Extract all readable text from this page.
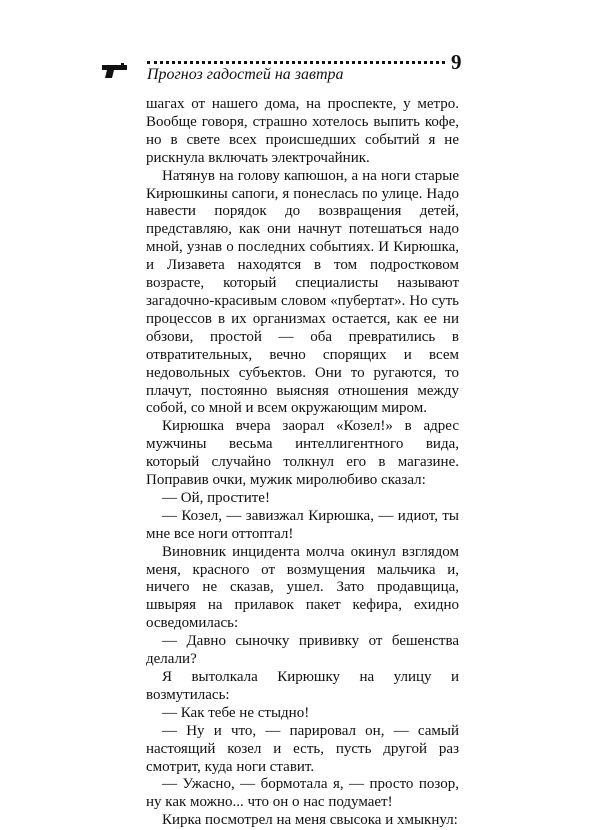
Прогноз гадостей на завтра

9

шагах от нашего дома, на проспекте, у метро. Вообще говоря, страшно хотелось выпить кофе, но в свете всех происшедших событий я не рискнула включать электрочайник.

Натянув на голову капюшон, а на ноги старые Кирюшкины сапоги, я понеслась по улице. Надо навести порядок до возвращения детей, представляю, как они начнут потешаться надо мной, узнав о последних событиях. И Кирюшка, и Лизавета находятся в том подростковом возрасте, который специалисты называют загадочно-красивым словом «пубертат». Но суть процессов в их организмах остается, как ее ни обзови, простой — оба превратились в отвратительных, вечно спорящих и всем недовольных субъектов. Они то ругаются, то плачут, постоянно выясняя отношения между собой, со мной и всем окружающим миром.

Кирюшка вчера заорал «Козел!» в адрес мужчины весьма интеллигентного вида, который случайно толкнул его в магазине. Поправив очки, мужик миролюбиво сказал:

— Ой, простите!

— Козел, — завизжал Кирюшка, — идиот, ты мне все ноги оттоптал!

Виновник инцидента молча окинул взглядом меня, красного от возмущения мальчика и, ничего не сказав, ушел. Зато продавщица, швыряя на прилавок пакет кефира, ехидно осведомилась:

— Давно сыночку прививку от бешенства делали?

Я вытолкала Кирюшку на улицу и возмутилась:

— Как тебе не стыдно!

— Ну и что, — парировал он, — самый настоящий козел и есть, пусть другой раз смотрит, куда ноги ставит.

— Ужасно, — бормотала я, — просто позор, ну как можно... что он о нас подумает!

Кирка посмотрел на меня свысока и хмыкнул:
